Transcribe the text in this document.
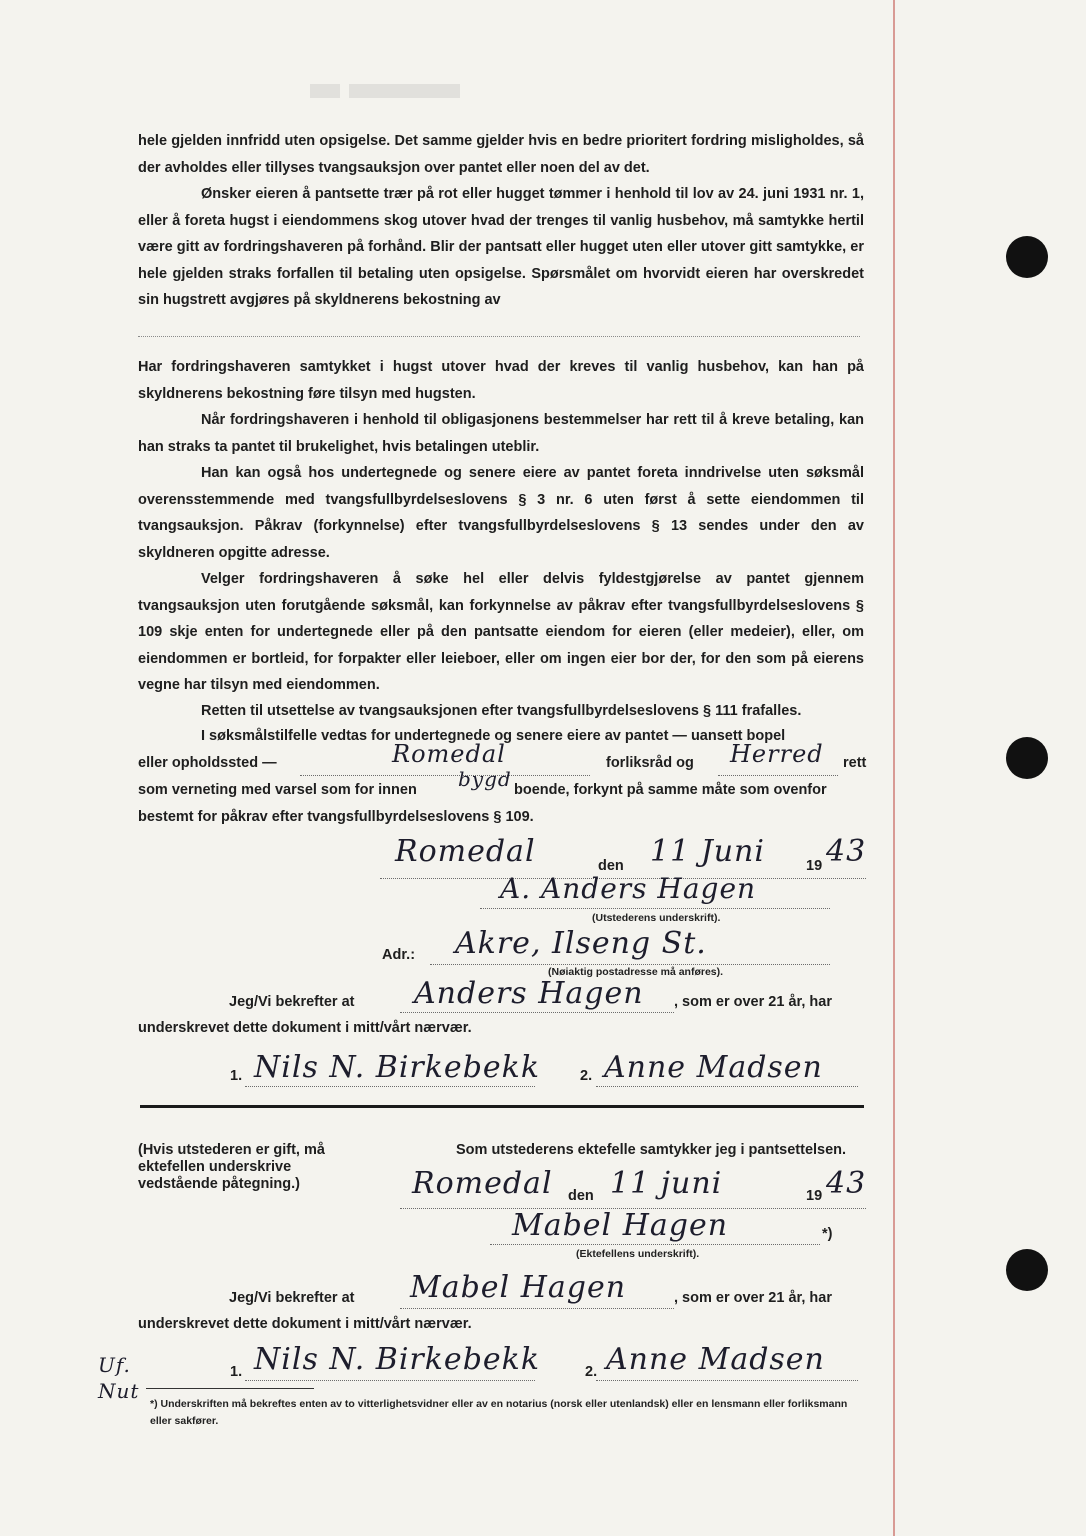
hele gjelden innfridd uten opsigelse. Det samme gjelder hvis en bedre prioritert fordring misligholdes, så der avholdes eller tillyses tvangsauksjon over pantet eller noen del av det.
Ønsker eieren å pantsette trær på rot eller hugget tømmer i henhold til lov av 24. juni 1931 nr. 1, eller å foreta hugst i eiendommens skog utover hvad der trenges til vanlig husbehov, må samtykke hertil være gitt av fordringshaveren på forhånd. Blir der pantsatt eller hugget uten eller utover gitt samtykke, er hele gjelden straks forfallen til betaling uten opsigelse. Spørsmålet om hvorvidt eieren har overskredet sin hugstrett avgjøres på skyldnerens bekostning av
Har fordringshaveren samtykket i hugst utover hvad der kreves til vanlig husbehov, kan han på skyldnerens bekostning føre tilsyn med hugsten.
Når fordringshaveren i henhold til obligasjonens bestemmelser har rett til å kreve betaling, kan han straks ta pantet til brukelighet, hvis betalingen uteblir.
Han kan også hos undertegnede og senere eiere av pantet foreta inndrivelse uten søksmål overensstemmende med tvangsfullbyrdelseslovens § 3 nr. 6 uten først å sette eiendommen til tvangsauksjon. Påkrav (forkynnelse) efter tvangsfullbyrdelseslovens § 13 sendes under den av skyldneren opgitte adresse.
Velger fordringshaveren å søke hel eller delvis fyldestgjørelse av pantet gjennem tvangsauksjon uten forutgående søksmål, kan forkynnelse av påkrav efter tvangsfullbyrdelseslovens § 109 skje enten for undertegnede eller på den pantsatte eiendom for eieren (eller medeier), eller, om eiendommen er bortleid, for forpakter eller leieboer, eller om ingen eier bor der, for den som på eierens vegne har tilsyn med eiendommen.
Retten til utsettelse av tvangsauksjonen efter tvangsfullbyrdelseslovens § 111 frafalles.
I søksmålstilfelle vedtas for undertegnede og senere eiere av pantet — uansett bopel
eller opholdssted —	Romedal	forliksråd og Herred rett
som verneting med varsel som for innen bygd boende, forkynt på samme måte som ovenfor
bestemt for påkrav efter tvangsfullbyrdelseslovens § 109.
Romedal	den 11 Juni	19 43
A. Anders Hagen
(Utstederens underskrift).
Adr.: Akre, Ilseng St.
(Nøiaktig postadresse må anføres).
Jeg/Vi bekrefter at Anders Hagen , som er over 21 år, har
underskrevet dette dokument i mitt/vårt nærvær.
1. Nils N. Birkebekk	2. Anne Madsen
(Hvis utstederen er gift, må ektefellen underskrive vedstående påtegning.)
Som utstederens ektefelle samtykker jeg i pantsettelsen.
Romedal den 11 juni	19 43
Mabel Hagen	*)
(Ektefellens underskrift).
Jeg/Vi bekrefter at Mabel Hagen	, som er over 21 år, har
underskrevet dette dokument i mitt/vårt nærvær.
1. Nils N. Birkebekk	2. Anne Madsen
Uf. Nut
*) Underskriften må bekreftes enten av to vitterlighetsvidner eller av en notarius (norsk eller utenlandsk) eller en lensmann eller forliksmann eller sakfører.
